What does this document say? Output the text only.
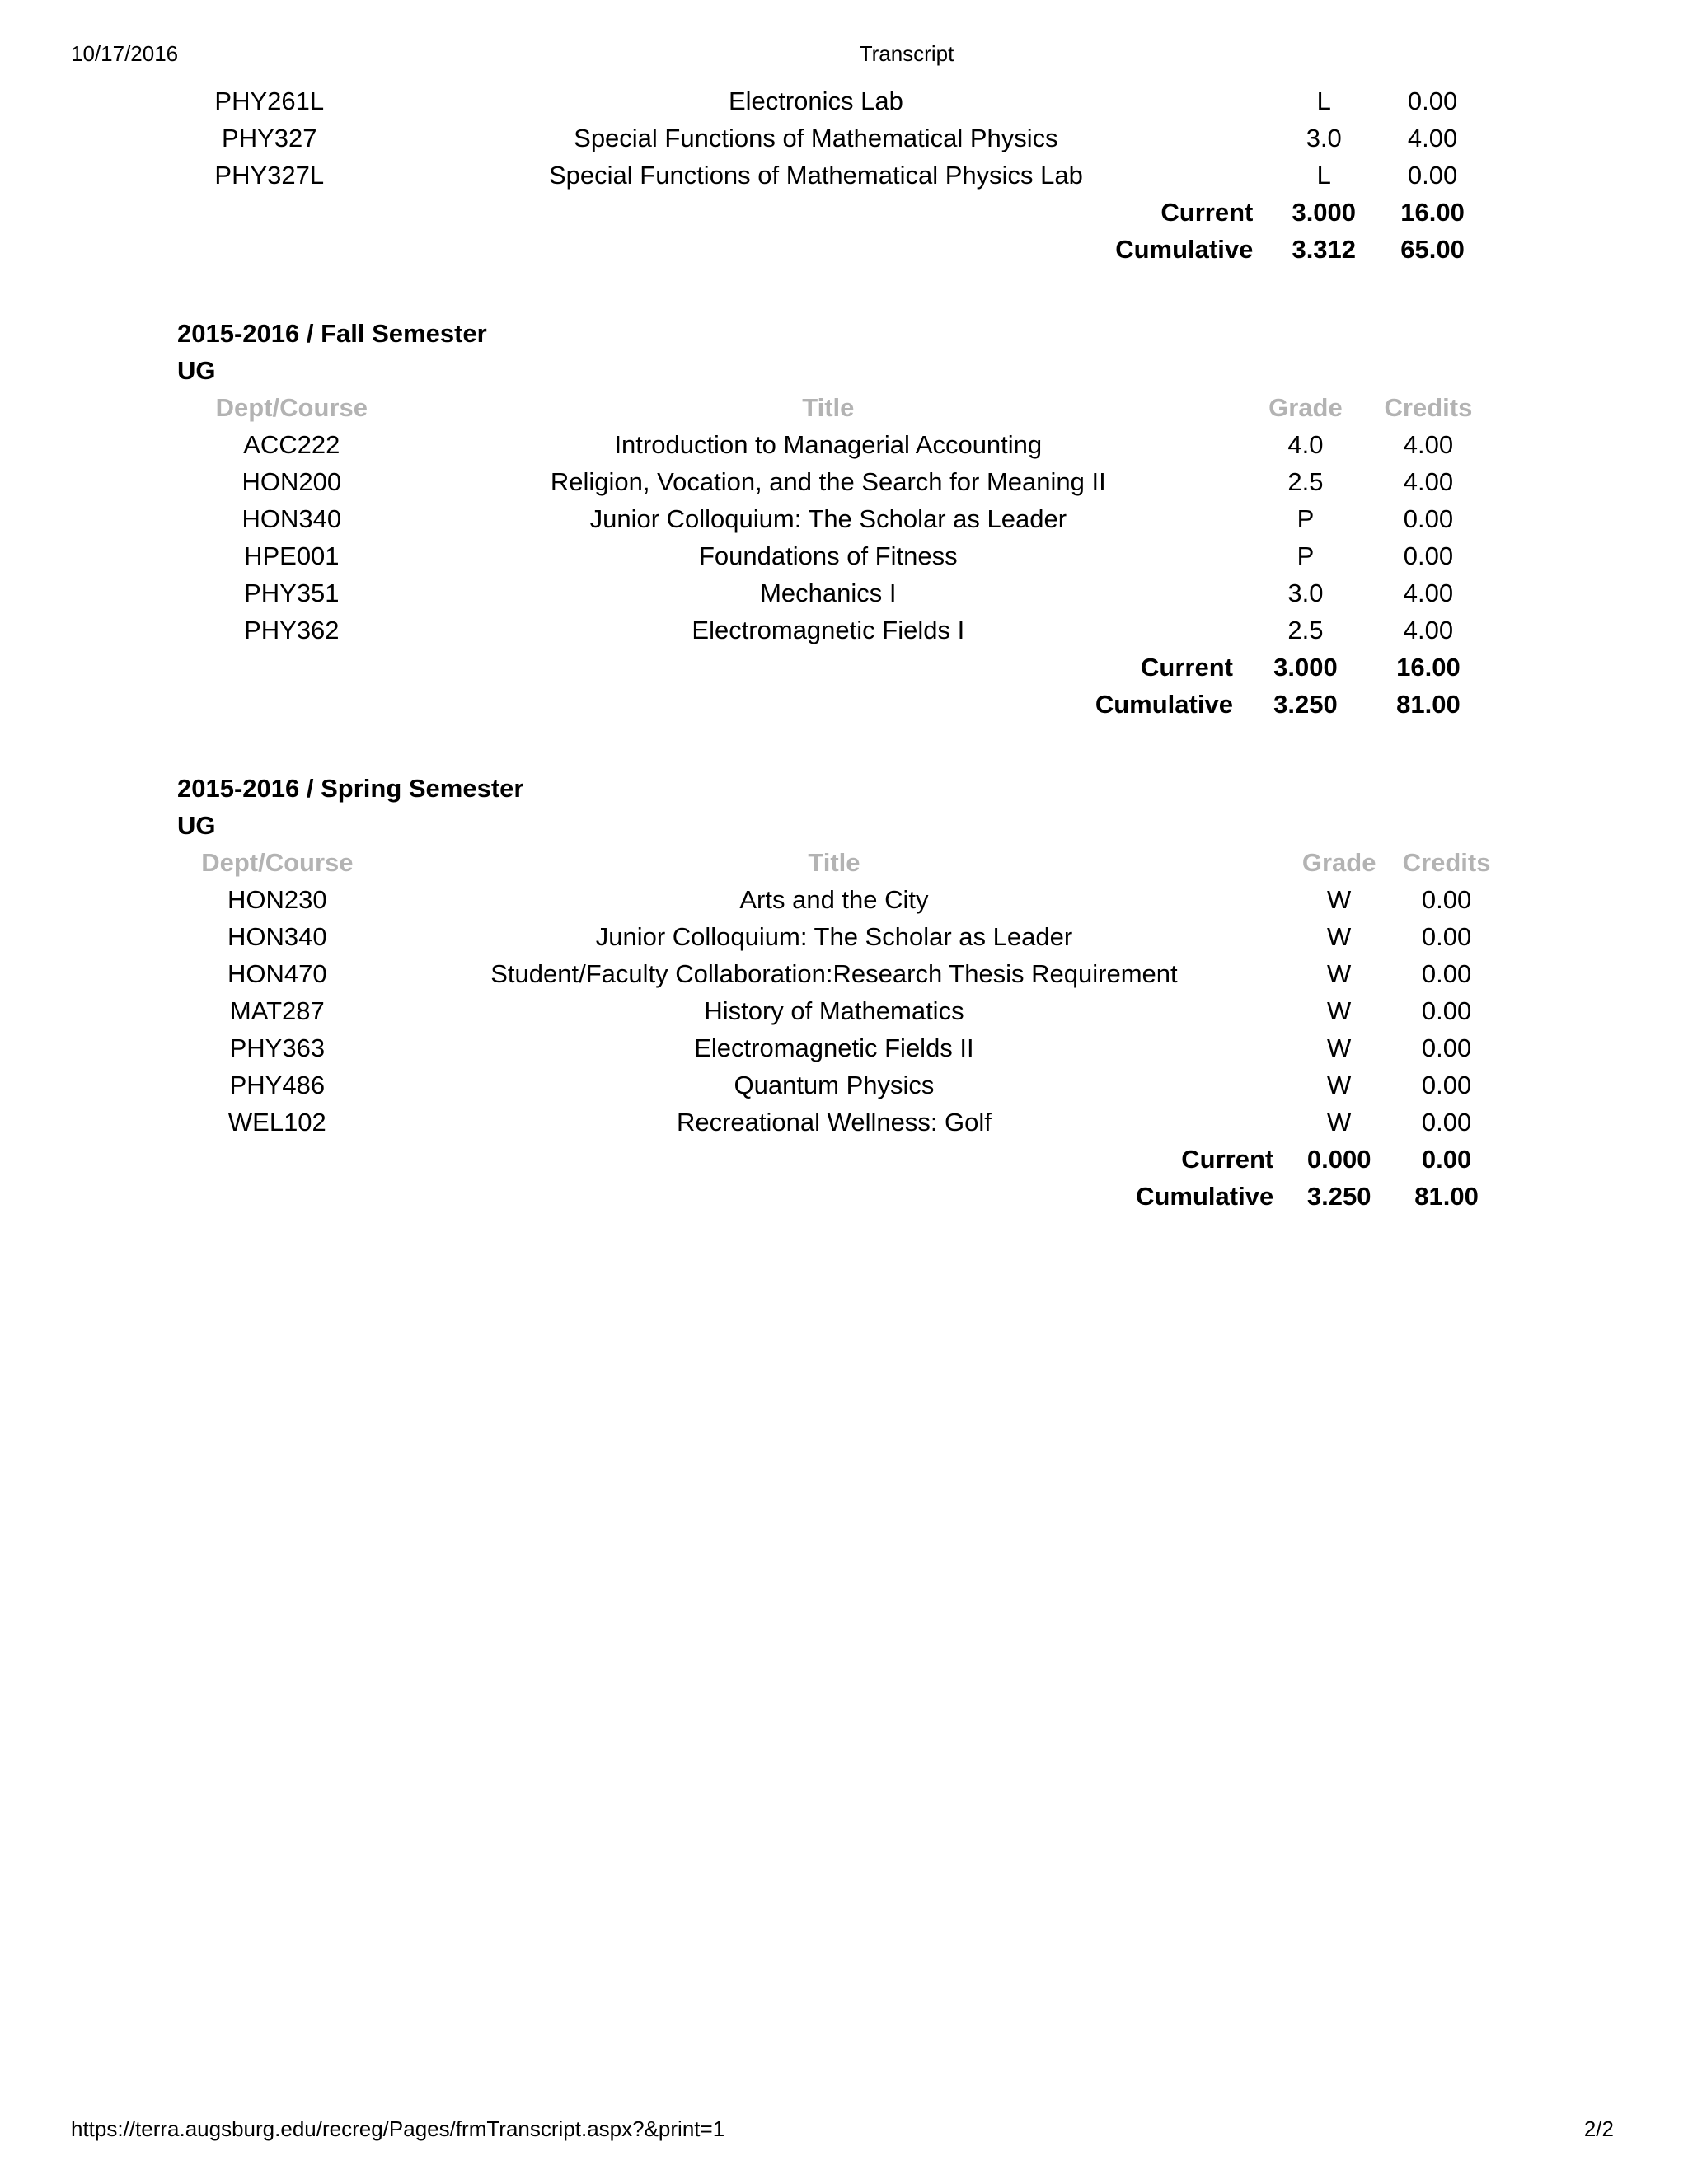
10/17/2016	Transcript
PHY261L	Electronics Lab	L	0.00
PHY327	Special Functions of Mathematical Physics	3.0	4.00
PHY327L	Special Functions of Mathematical Physics Lab	L	0.00
Current		3.000	16.00
Cumulative		3.312	65.00
2015-2016 / Fall Semester
UG
Dept/Course	Title	Grade	Credits
ACC222	Introduction to Managerial Accounting	4.0	4.00
HON200	Religion, Vocation, and the Search for Meaning II	2.5	4.00
HON340	Junior Colloquium: The Scholar as Leader	P	0.00
HPE001	Foundations of Fitness	P	0.00
PHY351	Mechanics I	3.0	4.00
PHY362	Electromagnetic Fields I	2.5	4.00
Current		3.000	16.00
Cumulative		3.250	81.00
2015-2016 / Spring Semester
UG
Dept/Course	Title	Grade	Credits
HON230	Arts and the City	W	0.00
HON340	Junior Colloquium: The Scholar as Leader	W	0.00
HON470	Student/Faculty Collaboration:Research Thesis Requirement	W	0.00
MAT287	History of Mathematics	W	0.00
PHY363	Electromagnetic Fields II	W	0.00
PHY486	Quantum Physics	W	0.00
WEL102	Recreational Wellness: Golf	W	0.00
Current		0.000	0.00
Cumulative		3.250	81.00
https://terra.augsburg.edu/recreg/Pages/frmTranscript.aspx?&print=1	2/2
